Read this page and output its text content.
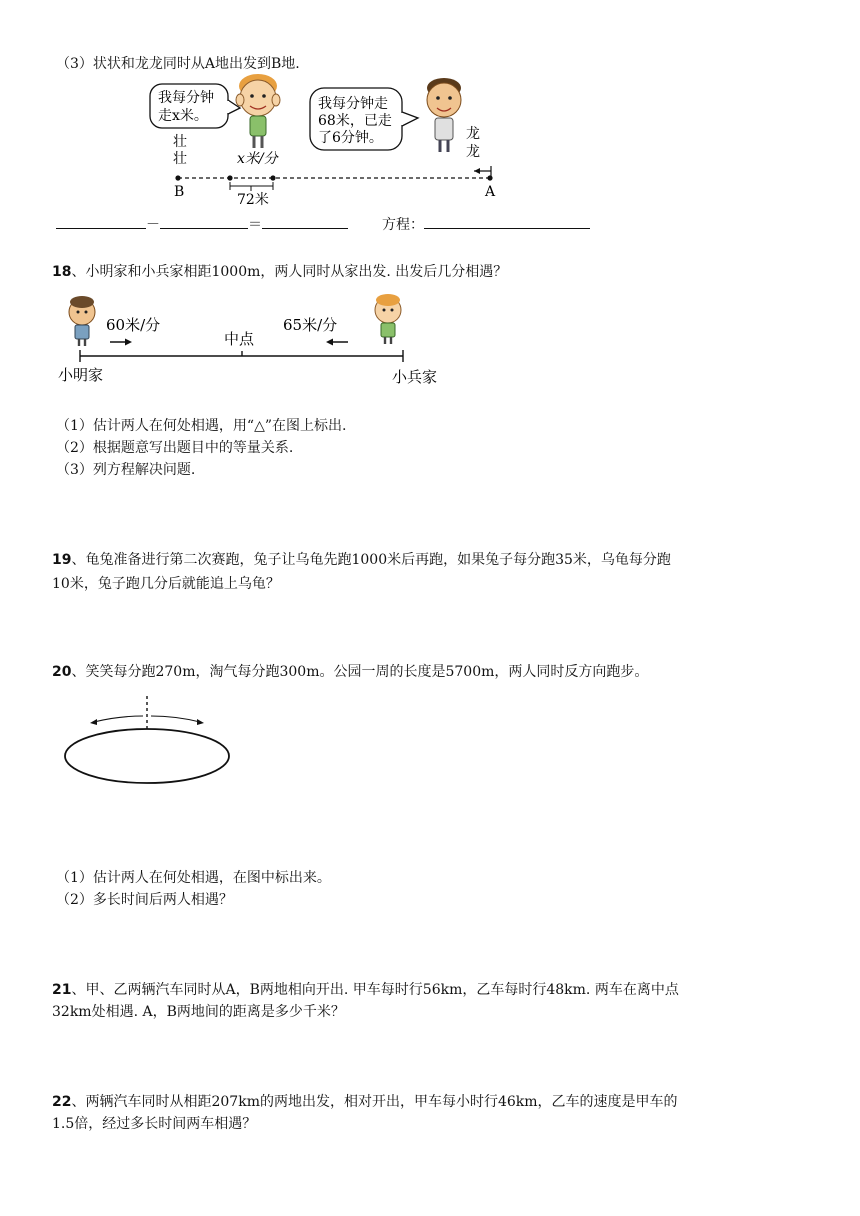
（3）状状和龙龙同时从A地出发到B地.
我每分钟
走x米。
壮
壮	x米/分
我每分钟走
68米，已走
了6分钟。	龙
龙
B	A
72米
－	＝	方程：
18、小明家和小兵家相距1000m，两人同时从家出发. 出发后几分相遇？
60米/分	65米/分
中点
小明家	小兵家
（1）估计两人在何处相遇，用“△”在图上标出.
（2）根据题意写出题目中的等量关系.
（3）列方程解决问题.
19、龟兔准备进行第二次赛跑，兔子让乌龟先跑1000米后再跑，如果兔子每分跑35米，乌龟每分跑
10米，兔子跑几分后就能追上乌龟？
20、笑笑每分跑270m，淘气每分跑300m。公园一周的长度是5700m，两人同时反方向跑步。
（1）估计两人在何处相遇，在图中标出来。
（2）多长时间后两人相遇？
21、甲、乙两辆汽车同时从A，B两地相向开出. 甲车每时行56km，乙车每时行48km. 两车在离中点
32km处相遇. A，B两地间的距离是多少千米？
22、两辆汽车同时从相距207km的两地出发，相对开出，甲车每小时行46km，乙车的速度是甲车的
1.5倍，经过多长时间两车相遇？
